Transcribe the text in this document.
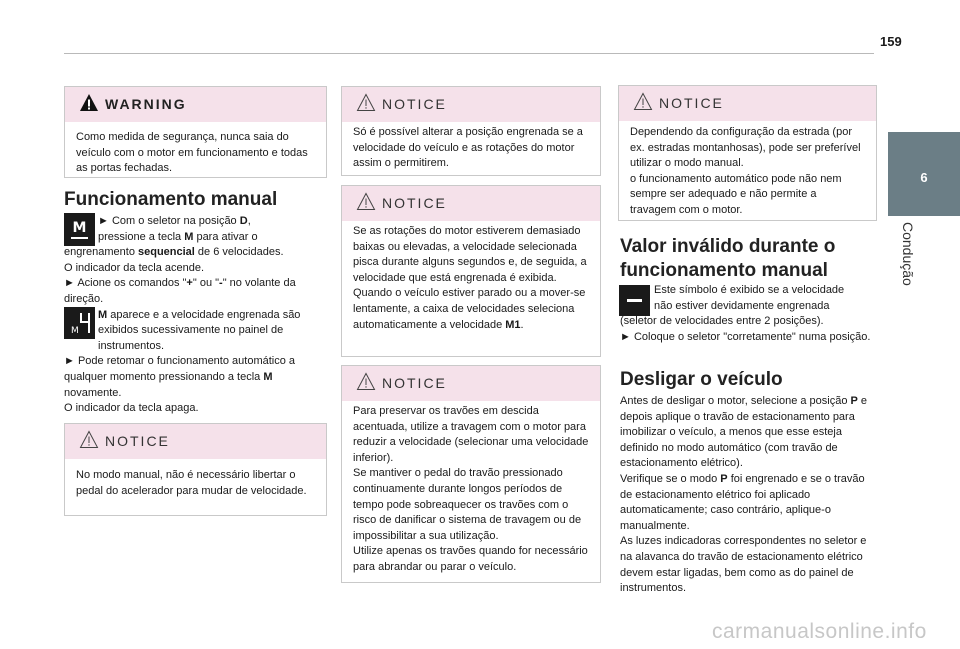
159
6
Condução
WARNING
Como medida de segurança, nunca saia do veículo com o motor em funcionamento e todas as portas fechadas.
Funcionamento manual
M	► Com o seletor na posição D,

pressione a tecla M para ativar o

engrenamento sequencial de 6 velocidades.

O indicador da tecla acende.

► Acione os comandos "+" ou "-" no volante da direção.

M aparece e a velocidade engrenada são

exibidos sucessivamente no painel de instrumentos.

► Pode retomar o funcionamento automático a qualquer momento pressionando a tecla M novamente.

O indicador da tecla apaga.

M
NOTICE
No modo manual, não é necessário libertar o pedal do acelerador para mudar de velocidade.
NOTICE
Só é possível alterar a posição engrenada se a velocidade do veículo e as rotações do motor assim o permitirem.
NOTICE

Se as rotações do motor estiverem demasiado baixas ou elevadas, a velocidade selecionada pisca durante alguns segundos e, de seguida, a velocidade que está engrenada é exibida.

Quando o veículo estiver parado ou a mover-se lentamente, a caixa de velocidades seleciona automaticamente a velocidade M1.

NOTICE

Para preservar os travões em descida acentuada, utilize a travagem com o motor para reduzir a velocidade (selecionar uma velocidade inferior).

Se mantiver o pedal do travão pressionado continuamente durante longos períodos de tempo pode sobreaquecer os travões com o risco de danificar o sistema de travagem ou de impossibilitar a sua utilização.

Utilize apenas os travões quando for necessário para abrandar ou parar o veículo.

NOTICE

Dependendo da configuração da estrada (por ex. estradas montanhosas), pode ser preferível utilizar o modo manual.

o funcionamento automático pode não nem sempre ser adequado e não permite a travagem com o motor.

Valor inválido durante o
funcionamento manual

Este símbolo é exibido se a velocidade

não estiver devidamente engrenada

(seletor de velocidades entre 2 posições).

► Coloque o seletor "corretamente" numa posição.

Desligar o veículo

Antes de desligar o motor, selecione a posição P e depois aplique o travão de estacionamento para imobilizar o veículo, a menos que esse esteja definido no modo automático (com travão de estacionamento elétrico).

Verifique se o modo P foi engrenado e se o travão de estacionamento elétrico foi aplicado automaticamente; caso contrário, aplique-o manualmente.

As luzes indicadoras correspondentes no seletor e na alavanca do travão de estacionamento elétrico devem estar ligadas, bem como as do painel de instrumentos.

carmanualsonline.info
